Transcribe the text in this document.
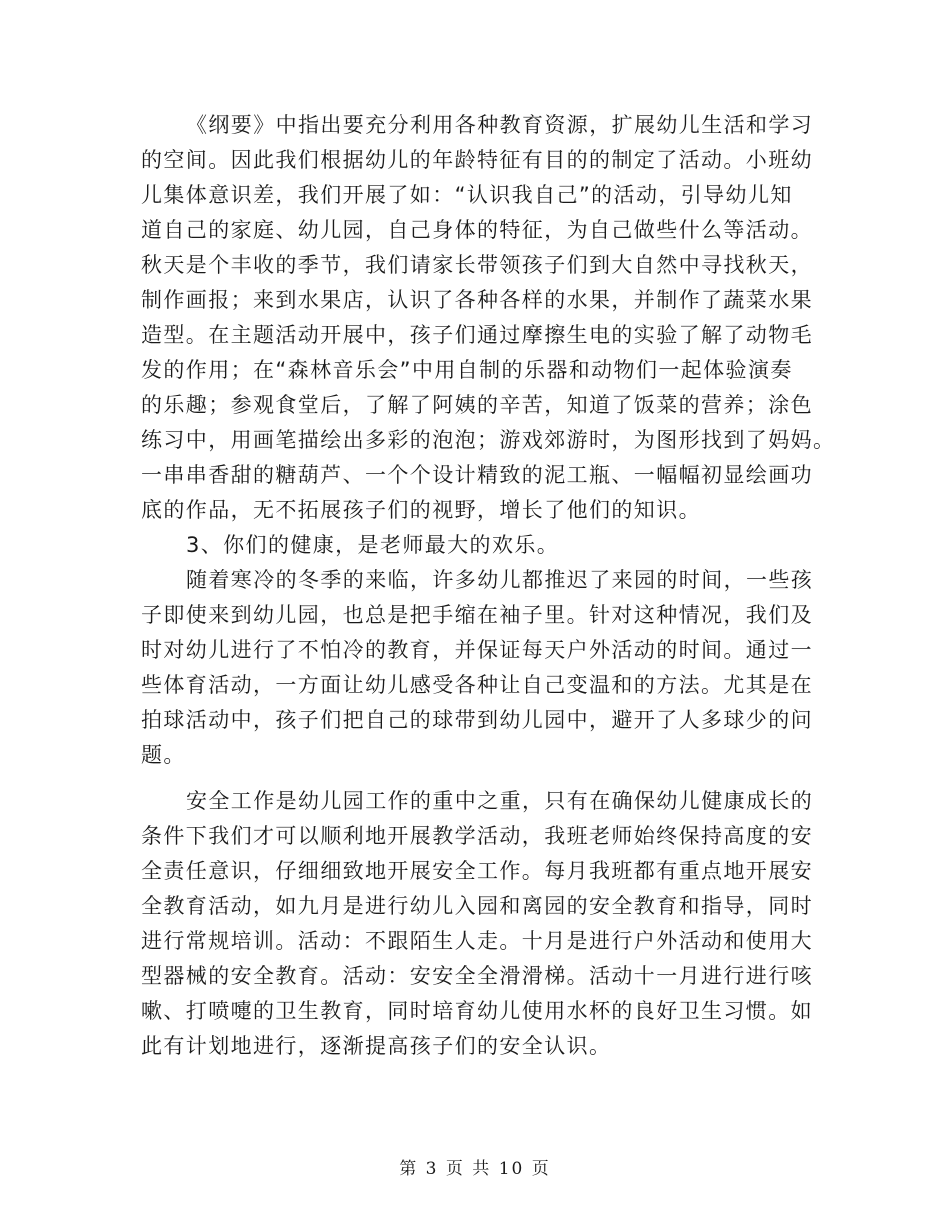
《纲要》中指出要充分利用各种教育资源，扩展幼儿生活和学习
的空间。因此我们根据幼儿的年龄特征有目的的制定了活动。小班幼
儿集体意识差，我们开展了如：“认识我自己”的活动，引导幼儿知
道自己的家庭、幼儿园，自己身体的特征，为自己做些什么等活动。
秋天是个丰收的季节，我们请家长带领孩子们到大自然中寻找秋天，
制作画报；来到水果店，认识了各种各样的水果，并制作了蔬菜水果
造型。在主题活动开展中，孩子们通过摩擦生电的实验了解了动物毛
发的作用；在“森林音乐会”中用自制的乐器和动物们一起体验演奏
的乐趣；参观食堂后，了解了阿姨的辛苦，知道了饭菜的营养；涂色
练习中，用画笔描绘出多彩的泡泡；游戏郊游时，为图形找到了妈妈。
一串串香甜的糖葫芦、一个个设计精致的泥工瓶、一幅幅初显绘画功
底的作品，无不拓展孩子们的视野，增长了他们的知识。
3、你们的健康，是老师最大的欢乐。
随着寒冷的冬季的来临，许多幼儿都推迟了来园的时间，一些孩
子即使来到幼儿园，也总是把手缩在袖子里。针对这种情况，我们及
时对幼儿进行了不怕冷的教育，并保证每天户外活动的时间。通过一
些体育活动，一方面让幼儿感受各种让自己变温和的方法。尤其是在
拍球活动中，孩子们把自己的球带到幼儿园中，避开了人多球少的问
题。
安全工作是幼儿园工作的重中之重，只有在确保幼儿健康成长的
条件下我们才可以顺利地开展教学活动，我班老师始终保持高度的安
全责任意识，仔细细致地开展安全工作。每月我班都有重点地开展安
全教育活动，如九月是进行幼儿入园和离园的安全教育和指导，同时
进行常规培训。活动：不跟陌生人走。十月是进行户外活动和使用大
型器械的安全教育。活动：安安全全滑滑梯。活动十一月进行进行咳
嗽、打喷嚏的卫生教育，同时培育幼儿使用水杯的良好卫生习惯。如
此有计划地进行，逐渐提高孩子们的安全认识。
第 3 页 共 10 页
